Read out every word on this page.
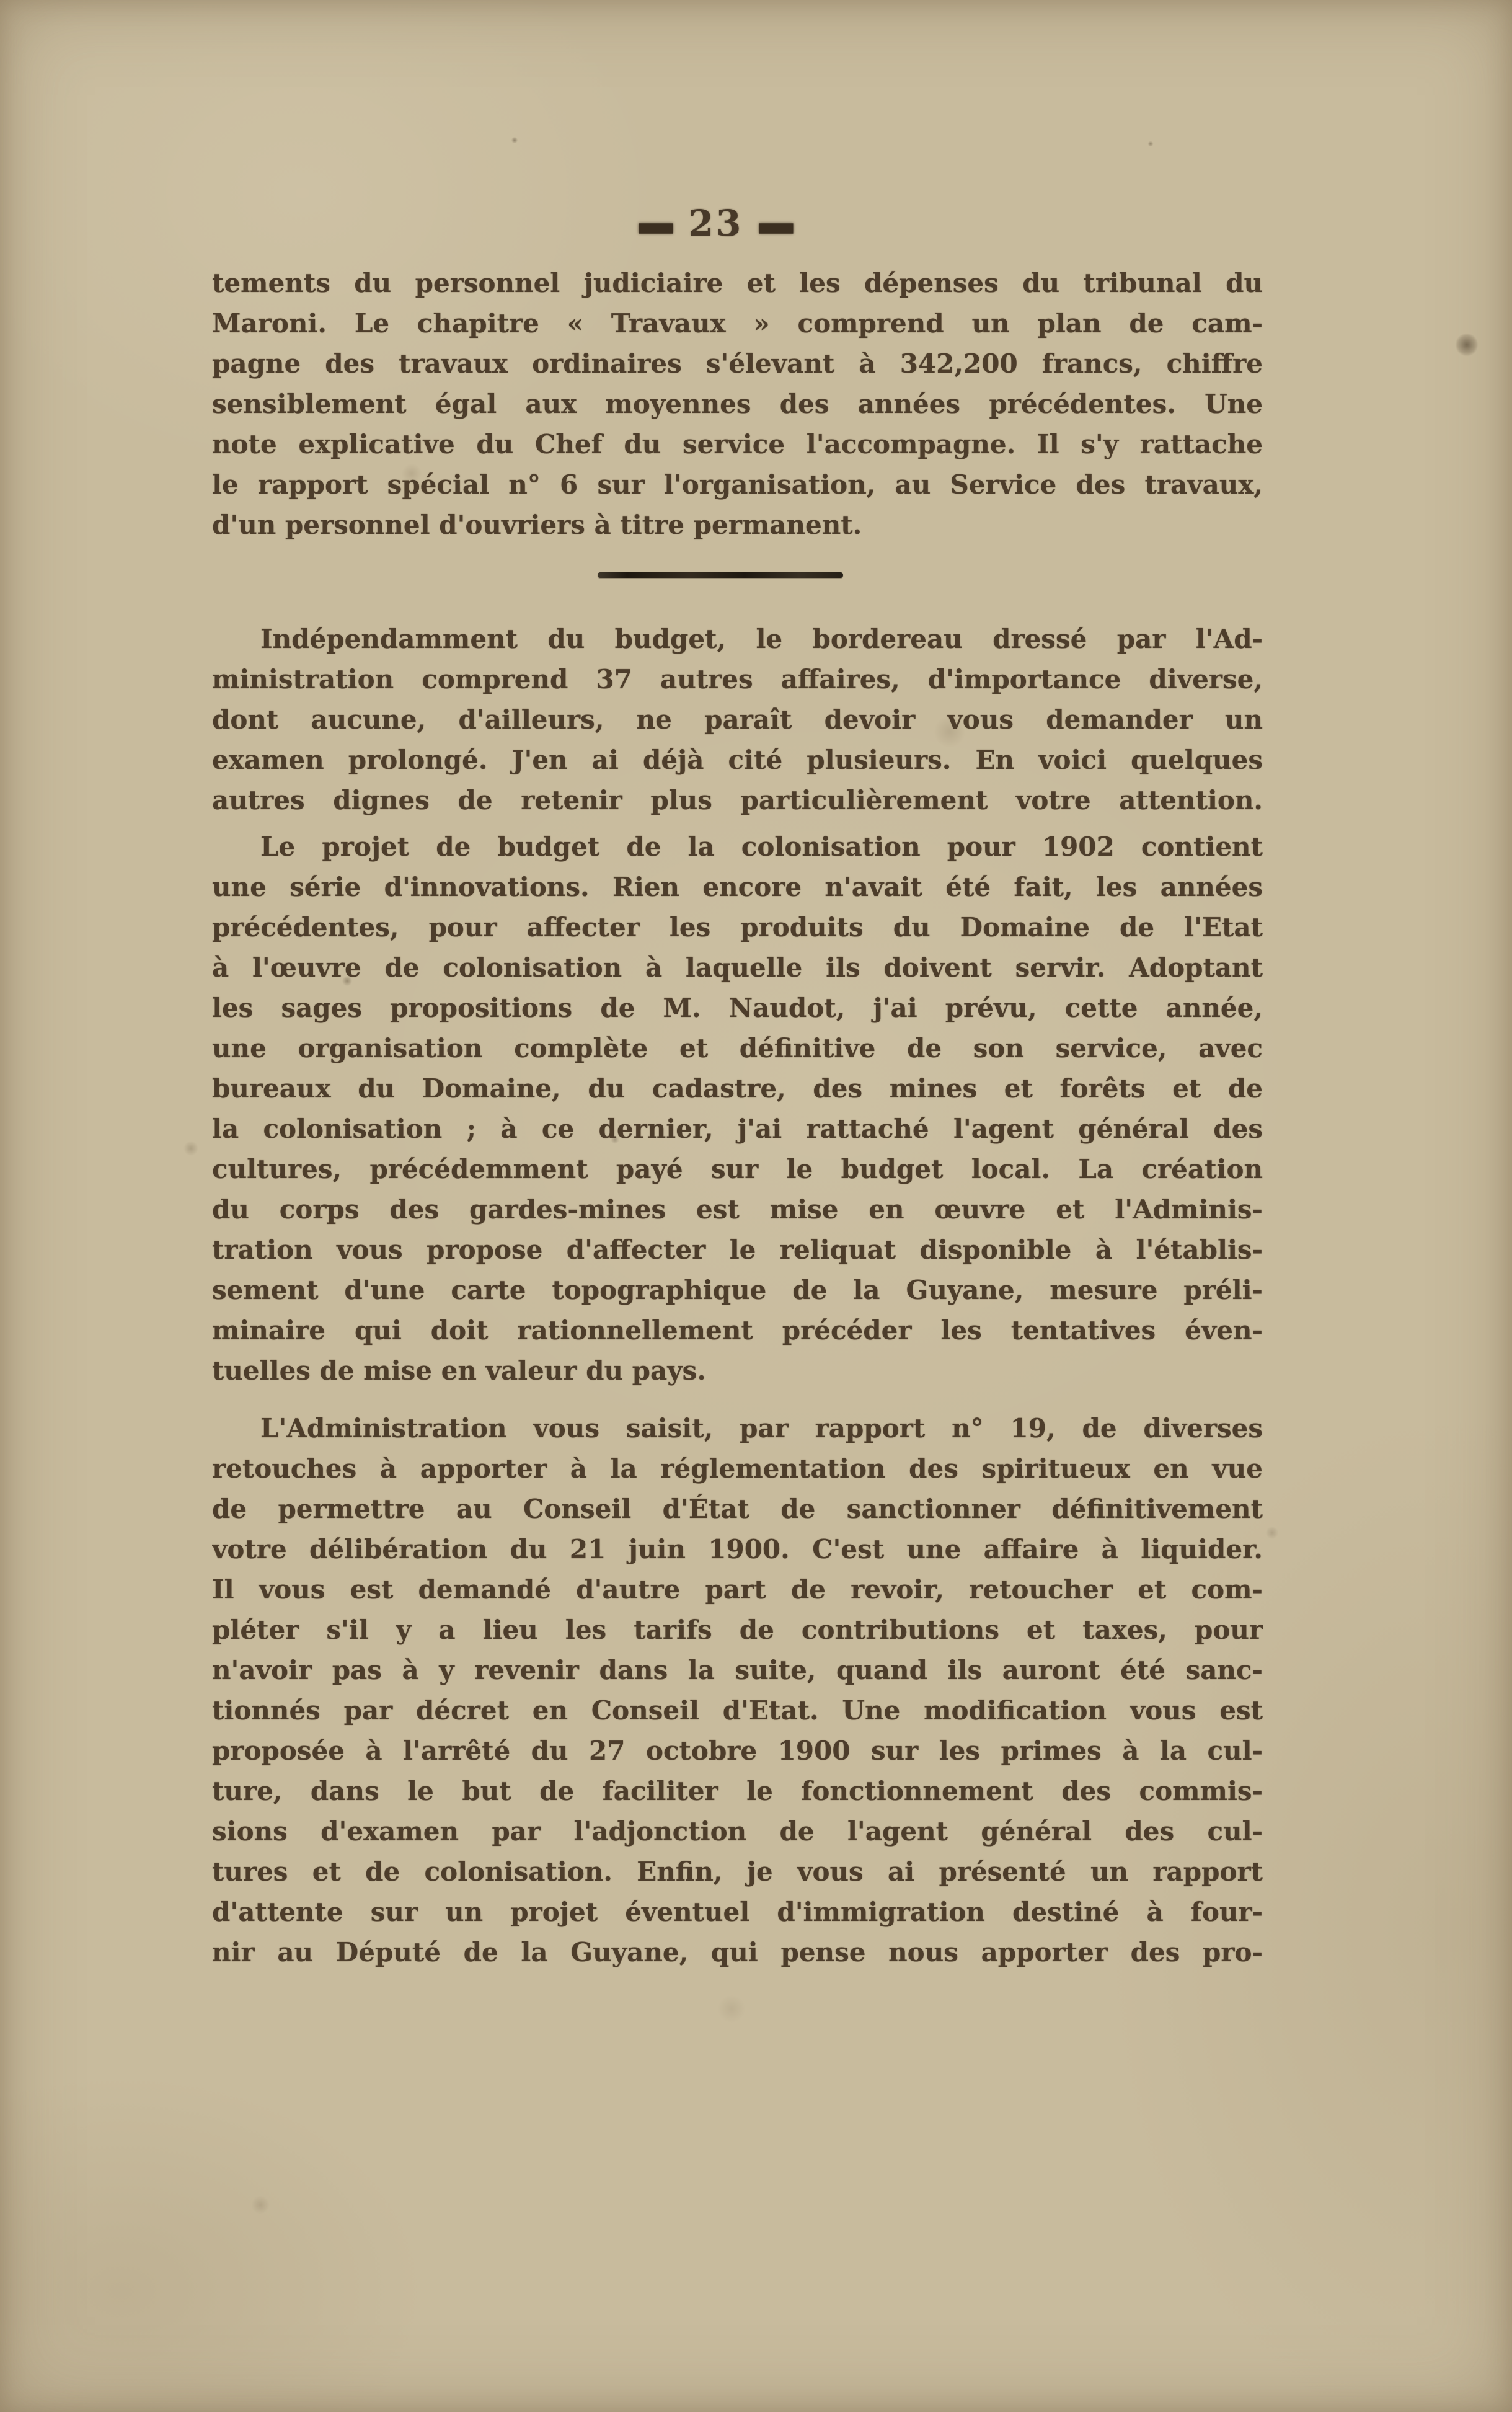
— 23 —
tements du personnel judiciaire et les dépenses du tribunal du
Maroni. Le chapitre « Travaux » comprend un plan de cam-
pagne des travaux ordinaires s'élevant à 342,200 francs, chiffre
sensiblement égal aux moyennes des années précédentes. Une
note explicative du Chef du service l'accompagne. Il s'y rattache
le rapport spécial n° 6 sur l'organisation, au Service des travaux,
d'un personnel d'ouvriers à titre permanent.
Indépendamment du budget, le bordereau dressé par l'Ad-
ministration comprend 37 autres affaires, d'importance diverse,
dont aucune, d'ailleurs, ne paraît devoir vous demander un
examen prolongé. J'en ai déjà cité plusieurs. En voici quelques
autres dignes de retenir plus particulièrement votre attention.
Le projet de budget de la colonisation pour 1902 contient
une série d'innovations. Rien encore n'avait été fait, les années
précédentes, pour affecter les produits du Domaine de l'Etat
à l'œuvre de colonisation à laquelle ils doivent servir. Adoptant
les sages propositions de M. Naudot, j'ai prévu, cette année,
une organisation complète et définitive de son service, avec
bureaux du Domaine, du cadastre, des mines et forêts et de
la colonisation ; à ce dernier, j'ai rattaché l'agent général des
cultures, précédemment payé sur le budget local. La création
du corps des gardes-mines est mise en œuvre et l'Adminis-
tration vous propose d'affecter le reliquat disponible à l'établis-
sement d'une carte topographique de la Guyane, mesure préli-
minaire qui doit rationnellement précéder les tentatives éven-
tuelles de mise en valeur du pays.
L'Administration vous saisit, par rapport n° 19, de diverses
retouches à apporter à la réglementation des spiritueux en vue
de permettre au Conseil d'État de sanctionner définitivement
votre délibération du 21 juin 1900. C'est une affaire à liquider.
Il vous est demandé d'autre part de revoir, retoucher et com-
pléter s'il y a lieu les tarifs de contributions et taxes, pour
n'avoir pas à y revenir dans la suite, quand ils auront été sanc-
tionnés par décret en Conseil d'Etat. Une modification vous est
proposée à l'arrêté du 27 octobre 1900 sur les primes à la cul-
ture, dans le but de faciliter le fonctionnement des commis-
sions d'examen par l'adjonction de l'agent général des cul-
tures et de colonisation. Enfin, je vous ai présenté un rapport
d'attente sur un projet éventuel d'immigration destiné à four-
nir au Député de la Guyane, qui pense nous apporter des pro-
